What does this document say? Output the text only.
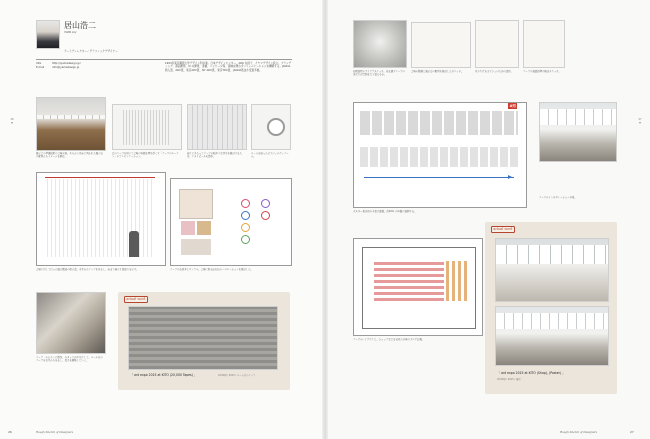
居山浩二
IYAMA koji
アートディレクター／グラフィックデザイナー
URL	http://iyamadesign.jp/
E-mail	info@iyamadesign.jp
1993年東京藝術大学デザイン科卒業。日本デザインセンター、ADK を経て、イヤマデザイン設立。ブランディング、商品開発、CI の開発、書籍、パッケージ等、領域を問わずコミュニケーションを構築する。JAGDA 新人賞、ADC賞、東京ADC賞、NY ADC賞、東京TDC賞、JAGDA賞ほか受賞多数。
26
展示会の準備段階の会場全景。あらかじめ床に置かれた展示台の配置からイメージを掴む。
白のテープを用いて会場の壁面を埋め尽くす「テープのカーテン」のプレゼンテーション。
施工にあたってテープの幅やつなぎ方を検討するため、テストピースを製作。
ロールを使ったオブジェのディテール。
会場に対して行った展示構成の指示書。天井からテープを吊るし、床まで垂らす段取りを示す。	テープの色見本とサンプル。会場に組み込む色のバリエーションを検討した。
テープ・モヒカンの製作。スタッフが手分けして、ロール状のテープを天井から吊るし、長さを調整していく。
actual work
「 ant expo 2015 at KITO (20,000 Tapes) 」	CD:KOJI / 2015 / ロール状のテープ
26	Rough Sketch of Designers
初期段階のアイデアスケッチ。光を通すテープの重なりが空間をどう変えるか。
会場の動線と展示台の配置を検討したスケッチ。	吊り下げるオブジェのための試作。	テープの端部処理の検討スケッチ。
27
A列
ポスター掲出用の全長立面図。約40m の壁面に展開する。
テーブルインスタレーション全景。
テーブルレイアウトと、ショップなどを含めた全体のフロア計画。
actual work
「 ant expo 2015 at KITO (Shop), (Poster) 」
CD:KOJI / 2015 / 場所
Rough Sketch of Designers	27
